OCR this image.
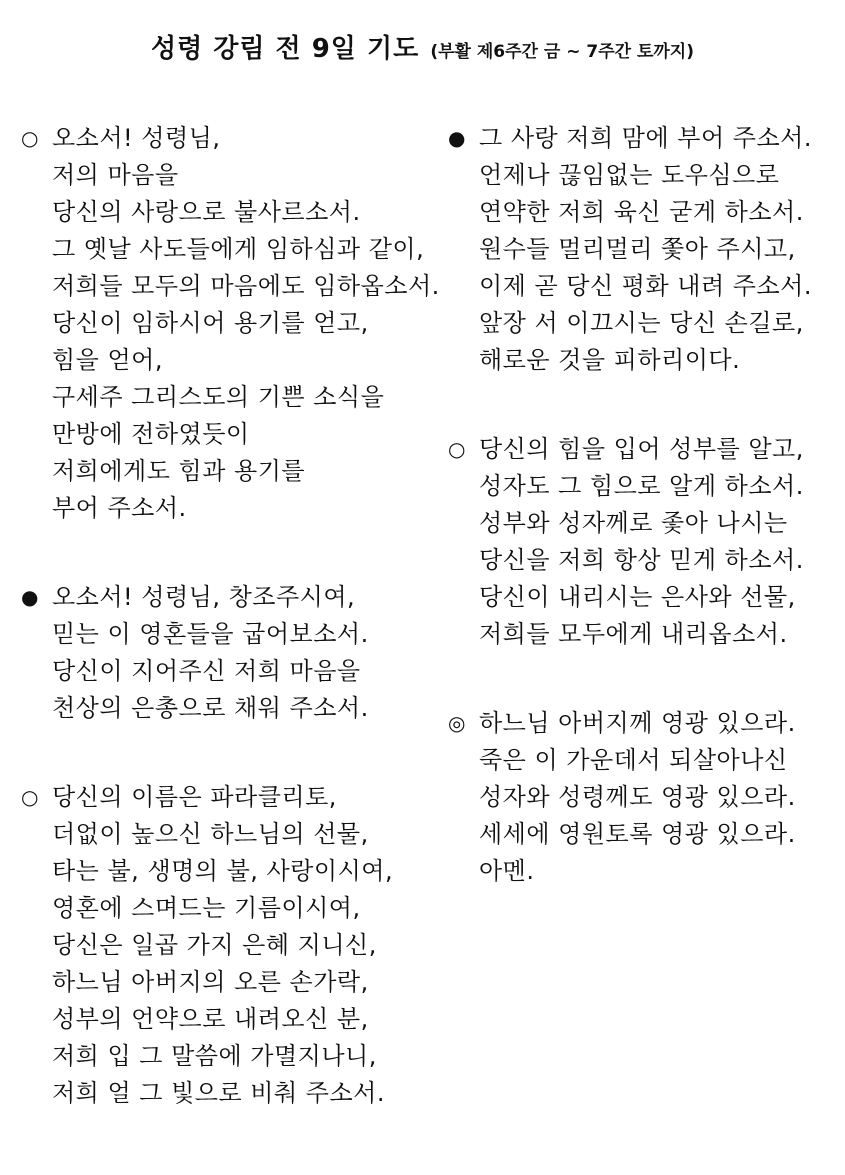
성령 강림 전 9일 기도 (부활 제6주간 금 ~ 7주간 토까지)
○ 오소서! 성령님,
저의 마음을
당신의 사랑으로 불사르소서.
그 옛날 사도들에게 임하심과 같이,
저희들 모두의 마음에도 임하옵소서.
당신이 임하시어 용기를 얻고,
힘을 얻어,
구세주 그리스도의 기쁜 소식을
만방에 전하였듯이
저희에게도 힘과 용기를
부어 주소서.
● 오소서! 성령님, 창조주시여,
믿는 이 영혼들을 굽어보소서.
당신이 지어주신 저희 마음을
천상의 은총으로 채워 주소서.
○ 당신의 이름은 파라클리토,
더없이 높으신 하느님의 선물,
타는 불, 생명의 불, 사랑이시여,
영혼에 스며드는 기름이시여,
당신은 일곱 가지 은혜 지니신,
하느님 아버지의 오른 손가락,
성부의 언약으로 내려오신 분,
저희 입 그 말씀에 가멸지나니,
저희 얼 그 빛으로 비춰 주소서.
● 그 사랑 저희 맘에 부어 주소서.
언제나 끊임없는 도우심으로
연약한 저희 육신 굳게 하소서.
원수들 멀리멀리 쫓아 주시고,
이제 곧 당신 평화 내려 주소서.
앞장 서 이끄시는 당신 손길로,
해로운 것을 피하리이다.
○ 당신의 힘을 입어 성부를 알고,
성자도 그 힘으로 알게 하소서.
성부와 성자께로 좇아 나시는
당신을 저희 항상 믿게 하소서.
당신이 내리시는 은사와 선물,
저희들 모두에게 내리옵소서.
◎ 하느님 아버지께 영광 있으라.
죽은 이 가운데서 되살아나신
성자와 성령께도 영광 있으라.
세세에 영원토록 영광 있으라.
아멘.
